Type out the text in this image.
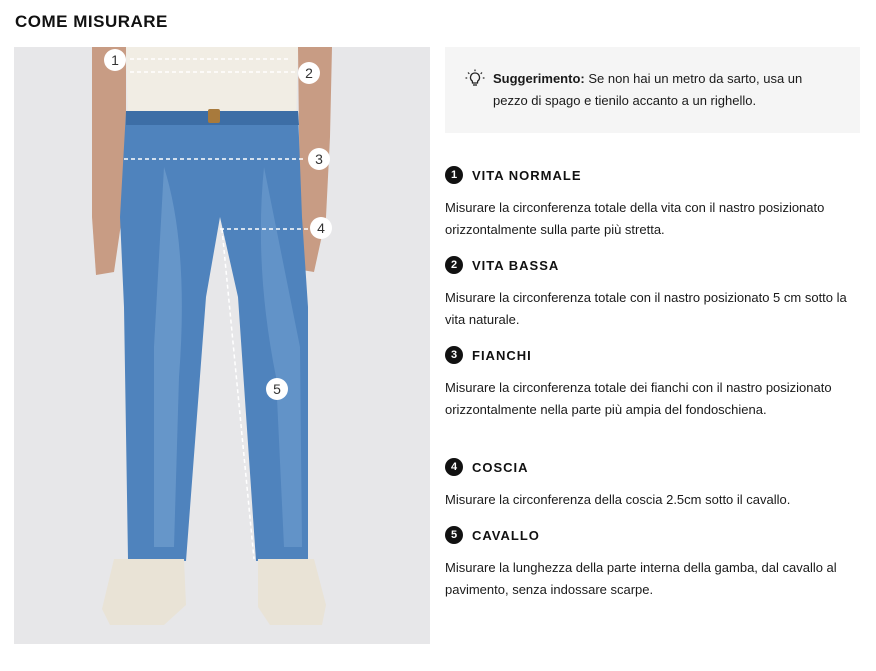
COME MISURARE
1
2
3
4
5
Suggerimento: Se non hai un metro da sarto, usa un pezzo di spago e tienilo accanto a un righello.
1	VITA NORMALE
Misurare la circonferenza totale della vita con il nastro posizionato orizzontalmente sulla parte più stretta.
2	VITA BASSA
Misurare la circonferenza totale con il nastro posizionato 5 cm sotto la vita naturale.
3	FIANCHI
Misurare la circonferenza totale dei fianchi con il nastro posizionato orizzontalmente nella parte più ampia del fondoschiena.
4	COSCIA
Misurare la circonferenza della coscia 2.5cm sotto il cavallo.
5	CAVALLO
Misurare la lunghezza della parte interna della gamba, dal cavallo al pavimento, senza indossare scarpe.
